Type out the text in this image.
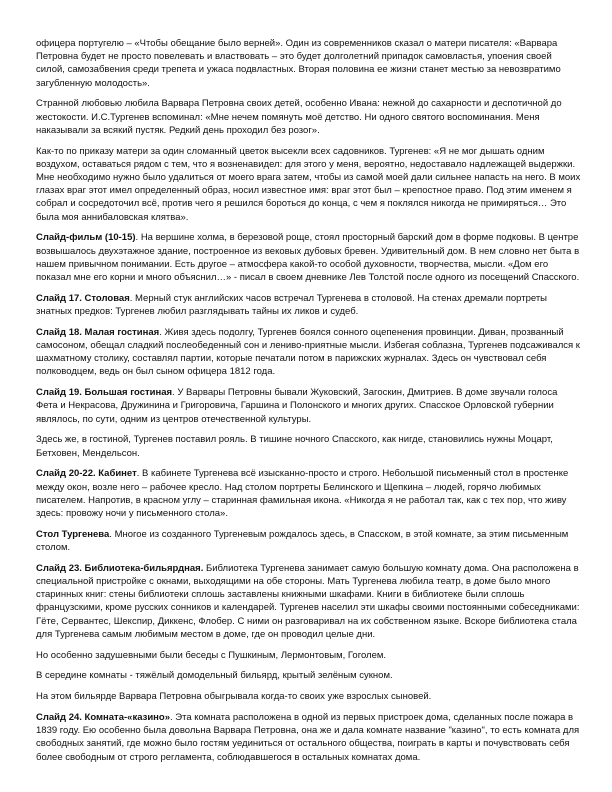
офицера португелю – «Чтобы обещание было верней». Один из современников сказал о матери писателя: «Варвара Петровна будет не просто повелевать и властвовать – это будет долголетний припадок самовластья, упоения своей силой, самозабвения среди трепета и ужаса подвластных. Вторая половина ее жизни станет местью за невозвратимо загубленную молодость».

Странной любовью любила Варвара Петровна своих детей, особенно Ивана: нежной до сахарности и деспотичной до жестокости. И.С.Тургенев вспоминал: «Мне нечем помянуть моё детство. Ни одного святого воспоминания. Меня наказывали за всякий пустяк. Редкий день проходил без розог».

Как-то по приказу матери за один сломанный цветок высекли всех садовников. Тургенев: «Я не мог дышать одним воздухом, оставаться рядом с тем, что я возненавидел: для этого у меня, вероятно, недоставало надлежащей выдержки. Мне необходимо нужно было удалиться от моего врага затем, чтобы из самой моей дали сильнее напасть на него. В моих глазах враг этот имел определенный образ, носил известное имя: враг этот был – крепостное право. Под этим именем я собрал и сосредоточил всё, против чего я решился бороться до конца, с чем я поклялся никогда не примиряться… Это была моя аннибаловская клятва».

Слайд-фильм (10-15). На вершине холма, в березовой роще, стоял просторный барский дом в форме подковы. В центре возвышалось двухэтажное здание, построенное из вековых дубовых бревен. Удивительный дом. В нем словно нет быта в нашем привычном понимании. Есть другое – атмосфера какой-то особой духовности, творчества, мысли. «Дом его показал мне его корни и много объяснил…» - писал в своем дневнике Лев Толстой после одного из посещений Спасского.

Слайд 17. Столовая. Мерный стук английских часов встречал Тургенева в столовой. На стенах дремали портреты знатных предков: Тургенев любил разглядывать тайны их ликов и судеб.

Слайд 18. Малая гостиная. Живя здесь подолгу, Тургенев боялся сонного оцепенения провинции. Диван, прозванный самосоном, обещал сладкий послеобеденный сон и лениво-приятные мысли. Избегая соблазна, Тургенев подсаживался к шахматному столику, составлял партии, которые печатали потом в парижских журналах. Здесь он чувствовал себя полководцем, ведь он был сыном офицера 1812 года.

Слайд 19. Большая гостиная. У Варвары Петровны бывали Жуковский, Загоскин, Дмитриев. В доме звучали голоса Фета и Некрасова, Дружинина и Григоровича, Гаршина и Полонского и многих других. Спасское Орловской губернии являлось, по сути, одним из центров отечественной культуры.

Здесь же, в гостиной, Тургенев поставил рояль. В тишине ночного Спасского, как нигде, становились нужны Моцарт, Бетховен, Мендельсон.

Слайд 20-22. Кабинет. В кабинете Тургенева всё изысканно-просто и строго. Небольшой письменный стол в простенке между окон, возле него – рабочее кресло. Над столом портреты Белинского и Щепкина – людей, горячо любимых писателем. Напротив, в красном углу – старинная фамильная икона. «Никогда я не работал так, как с тех пор, что живу здесь: провожу ночи у письменного стола».

Стол Тургенева. Многое из созданного Тургеневым рождалось здесь, в Спасском, в этой комнате, за этим письменным столом.

Слайд 23. Библиотека-бильярдная. Библиотека Тургенева занимает самую большую комнату дома. Она расположена в специальной пристройке с окнами, выходящими на обе стороны. Мать Тургенева любила театр, в доме было много старинных книг: стены библиотеки сплошь заставлены книжными шкафами. Книги в библиотеке были сплошь французскими, кроме русских сонников и календарей. Тургенев населил эти шкафы своими постоянными собеседниками: Гёте, Сервантес, Шекспир, Диккенс, Флобер. С ними он разговаривал на их собственном языке. Вскоре библиотека стала для Тургенева самым любимым местом в доме, где он проводил целые дни.

Но особенно задушевными были беседы с Пушкиным, Лермонтовым, Гоголем.

В середине комнаты - тяжёлый домодельный бильярд, крытый зелёным сукном.

На этом бильярде Варвара Петровна обыгрывала когда-то своих уже взрослых сыновей.

Слайд 24. Комната-«казино». Эта комната расположена в одной из первых пристроек дома, сделанных после пожара в 1839 году. Ею особенно была довольна Варвара Петровна, она же и дала комнате название "казино", то есть комната для свободных занятий, где можно было гостям уединиться от остального общества, поиграть в карты и почувствовать себя более свободным от строго регламента, соблюдавшегося в остальных комнатах дома.
